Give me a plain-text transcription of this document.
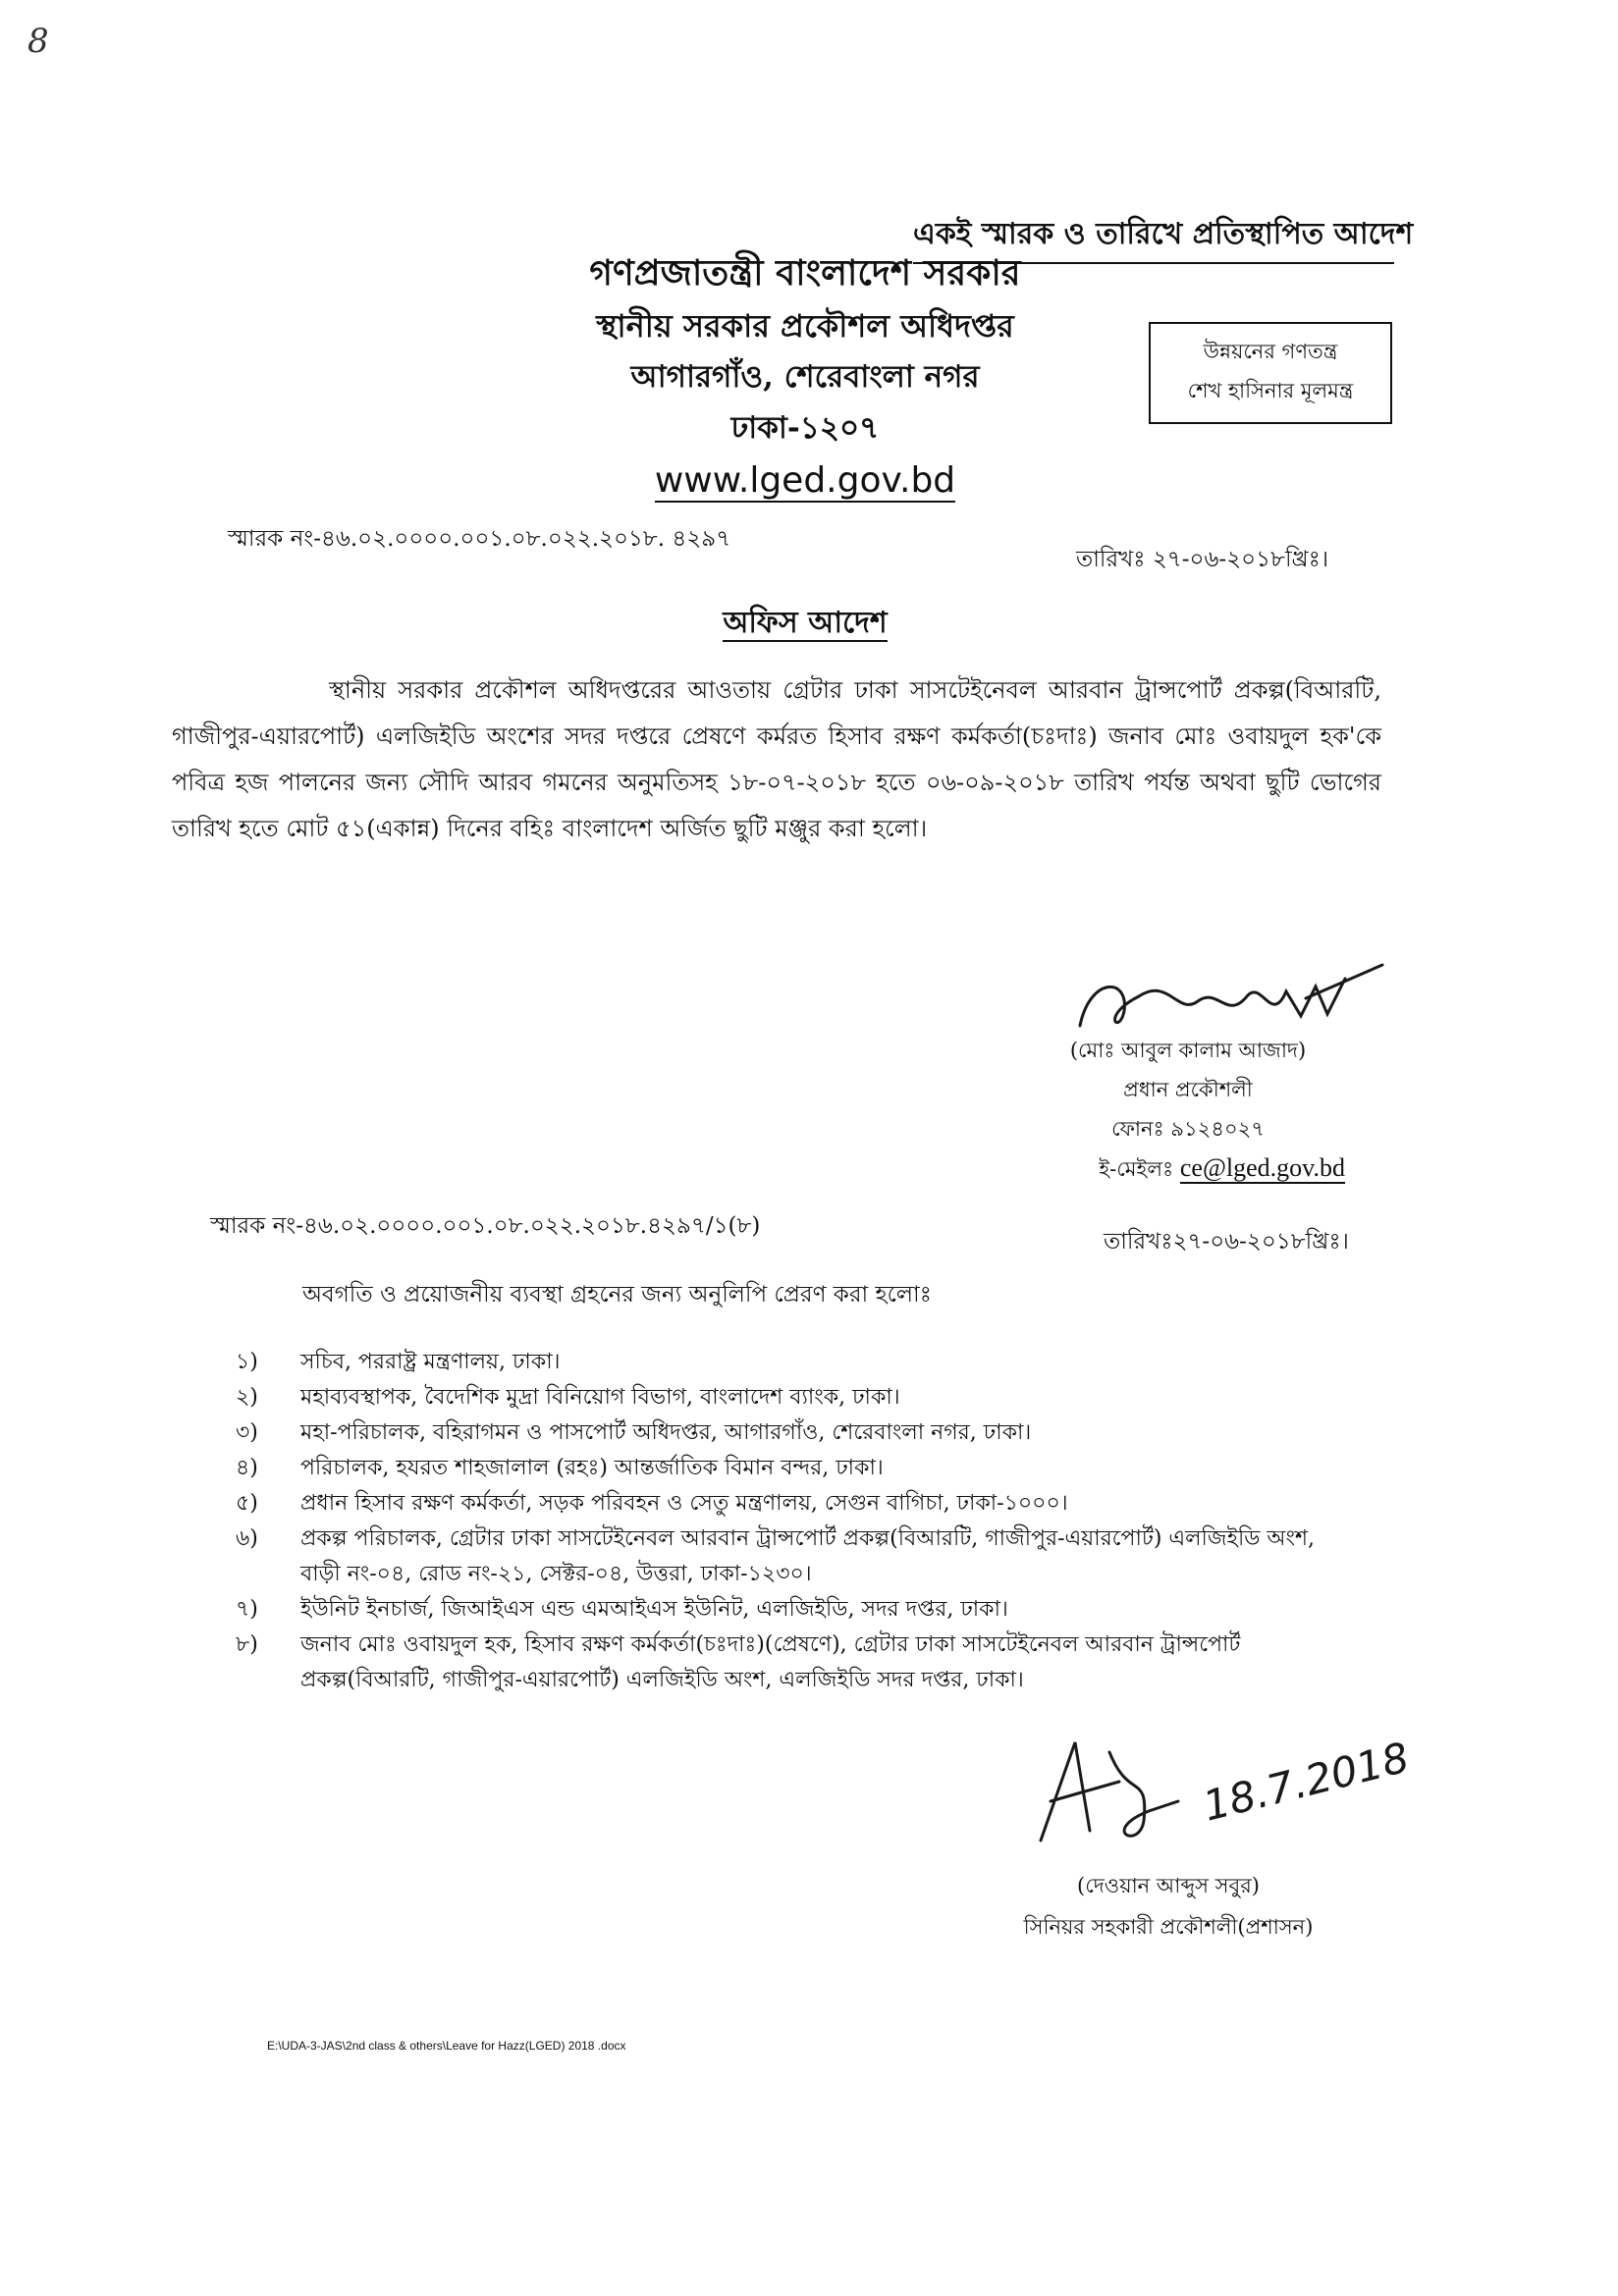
8
একই স্মারক ও তারিখে প্রতিস্থাপিত আদেশ
গণপ্রজাতন্ত্রী বাংলাদেশ সরকার
স্থানীয় সরকার প্রকৌশল অধিদপ্তর
আগারগাঁও, শেরেবাংলা নগর
ঢাকা-১২০৭
www.lged.gov.bd
উন্নয়নের গণতন্ত্র
শেখ হাসিনার মূলমন্ত্র
স্মারক নং-৪৬.০২.০০০০.০০১.০৮.০২২.২০১৮. ৪২৯৭
তারিখঃ ২৭-০৬-২০১৮খ্রিঃ।
অফিস আদেশ
স্থানীয় সরকার প্রকৌশল অধিদপ্তরের আওতায় গ্রেটার ঢাকা সাসটেইনেবল আরবান ট্রান্সপোর্ট প্রকল্প(বিআরটি, গাজীপুর-এয়ারপোর্ট) এলজিইডি অংশের সদর দপ্তরে প্রেষণে কর্মরত হিসাব রক্ষণ কর্মকর্তা(চঃদাঃ) জনাব মোঃ ওবায়দুল হক'কে পবিত্র হজ পালনের জন্য সৌদি আরব গমনের অনুমতিসহ ১৮-০৭-২০১৮ হতে ০৬-০৯-২০১৮ তারিখ পর্যন্ত অথবা ছুটি ভোগের তারিখ হতে মোট ৫১(একান্ন) দিনের বহিঃ বাংলাদেশ অর্জিত ছুটি মঞ্জুর করা হলো।
(মোঃ আবুল কালাম আজাদ)
প্রধান প্রকৌশলী
ফোনঃ ৯১২৪০২৭
ই-মেইলঃ ce@lged.gov.bd
স্মারক নং-৪৬.০২.০০০০.০০১.০৮.০২২.২০১৮.৪২৯৭/১(৮)
তারিখঃ২৭-০৬-২০১৮খ্রিঃ।
অবগতি ও প্রয়োজনীয় ব্যবস্থা গ্রহনের জন্য অনুলিপি প্রেরণ করা হলোঃ
১)	সচিব, পররাষ্ট্র মন্ত্রণালয়, ঢাকা।
২)	মহাব্যবস্থাপক, বৈদেশিক মুদ্রা বিনিয়োগ বিভাগ, বাংলাদেশ ব্যাংক, ঢাকা।
৩)	মহা-পরিচালক, বহিরাগমন ও পাসপোর্ট অধিদপ্তর, আগারগাঁও, শেরেবাংলা নগর, ঢাকা।
৪)	পরিচালক, হযরত শাহজালাল (রহঃ) আন্তর্জাতিক বিমান বন্দর, ঢাকা।
৫)	প্রধান হিসাব রক্ষণ কর্মকর্তা, সড়ক পরিবহন ও সেতু মন্ত্রণালয়, সেগুন বাগিচা, ঢাকা-১০০০।
৬)	প্রকল্প পরিচালক, গ্রেটার ঢাকা সাসটেইনেবল আরবান ট্রান্সপোর্ট প্রকল্প(বিআরটি, গাজীপুর-এয়ারপোর্ট) এলজিইডি অংশ, বাড়ী নং-০৪, রোড নং-২১, সেক্টর-০৪, উত্তরা, ঢাকা-১২৩০।
৭)	ইউনিট ইনচার্জ, জিআইএস এন্ড এমআইএস ইউনিট, এলজিইডি, সদর দপ্তর, ঢাকা।
৮)	জনাব মোঃ ওবায়দুল হক, হিসাব রক্ষণ কর্মকর্তা(চঃদাঃ)(প্রেষণে), গ্রেটার ঢাকা সাসটেইনেবল আরবান ট্রান্সপোর্ট প্রকল্প(বিআরটি, গাজীপুর-এয়ারপোর্ট) এলজিইডি অংশ, এলজিইডি সদর দপ্তর, ঢাকা।
18.7.2018
(দেওয়ান আব্দুস সবুর)
সিনিয়র সহকারী প্রকৌশলী(প্রশাসন)
E:\UDA-3-JAS\2nd class & others\Leave for Hazz(LGED) 2018 .docx
